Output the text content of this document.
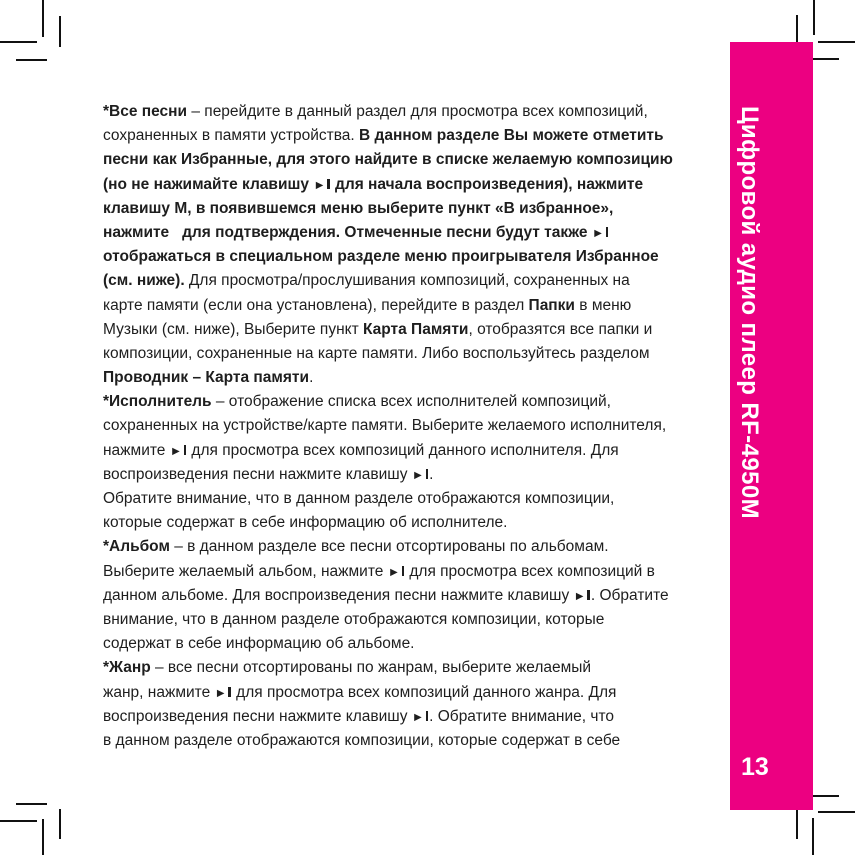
*Все песни – перейдите в данный раздел для просмотра всех композиций,
сохраненных в памяти устройства. В данном разделе Вы можете отметить
песни как Избранные, для этого найдите в списке желаемую композицию
(но не нажимайте клавишу ► для начала воспроизведения), нажмите
клавишу М, в появившемся меню выберите пункт «В избранное»,
нажмите   для подтверждения. Отмеченные песни будут также ►
отображаться в специальном разделе меню проигрывателя Избранное
(см. ниже). Для просмотра/прослушивания композиций, сохраненных на
карте памяти (если она установлена), перейдите в раздел Папки в меню
Музыки (см. ниже), Выберите пункт Карта Памяти, отобразятся все папки и
композиции, сохраненные на карте памяти. Либо воспользуйтесь разделом
Проводник – Карта памяти.
*Исполнитель – отображение списка всех исполнителей композиций,
сохраненных на устройстве/карте памяти. Выберите желаемого исполнителя,
нажмите ► для просмотра всех композиций данного исполнителя. Для
воспроизведения песни нажмите клавишу ► .
Обратите внимание, что в данном разделе отображаются композиции,
которые содержат в себе информацию об исполнителе.
*Альбом – в данном разделе все песни отсортированы по альбомам.
Выберите желаемый альбом, нажмите ► для просмотра всех композиций в
данном альбоме. Для воспроизведения песни нажмите клавишу ► . Обратите
внимание, что в данном разделе отображаются композиции, которые
содержат в себе информацию об альбоме.
*Жанр – все песни отсортированы по жанрам, выберите желаемый
жанр, нажмите ► для просмотра всех композиций данного жанра. Для
воспроизведения песни нажмите клавишу ► . Обратите внимание, что
в данном разделе отображаются композиции, которые содержат в себе
Цифровой аудио плеер RF-4950M
13
